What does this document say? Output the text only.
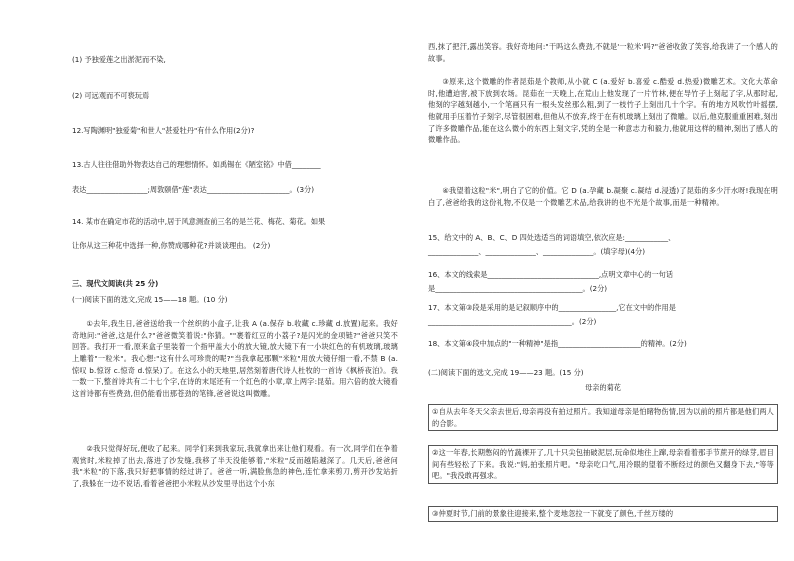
(1) 予独爱莲之出淤泥而不染,
(2) 可远观而不可亵玩焉
12.写陶渊明"独爱菊"和世人"甚爱牡丹"有什么作用(2分)?
13.古人往往借助外物表达自己的理想情怀。如禹锡在《陋室铭》中借________
表达_________________;周敦颐借"莲"表达_______________________。(3分)
14. 某市在确定市花的活动中,居于风意测查前三名的是兰花、梅花、菊花。如果
让你从这三种花中选择一种,你赞成哪种花?并谈谈理由。 (2分)
三、现代文阅读(共 25 分)
(一)阅读下面的选文,完成 15——18 题。(10 分)
①去年,我生日,爸爸送给我一个丝织的小盒子,让我 A (a.保存 b.收藏 c.珍藏 d.放置)起来。我好奇地问:"爸爸,这是什么?"爸爸微笑着说:"你猜。""裹着红豆的小荔子?是闪光的金项链?"爸爸只笑不回答。我打开一看,原来盒子里装着一个指甲盖大小的放大镜,放大镜下有一小块红色的有机玻璃,玻璃上雕着"一粒米"。我心想:"这有什么可珍贵的呢?"当我拿起那颗"米粒"用放大镜仔细一看,不禁 B (a.惊叹 b.惊讶 c.惊奇 d.惊呆)了。在这么小的天地里,居然刻着唐代诗人杜牧的一首诗《枫桥夜泊》。我一数一下,整首诗共有二十七个字,在诗的末尾还有一个红色的小章,章上两字:昆茹。用六倍的放大镜看这首诗都有些费劲,但仍能看出那苍劲的笔锋,爸爸说这叫微雕。
②我只觉得好玩,便收了起来。同学们来到我家玩,我就拿出来让他们观看。有一次,同学们在争着观赏时,米粒掉了出去,落进了沙发缝,我移了半天没能够着,"米粒"反而越陷越深了。几天后,爸爸问我"米粒"的下落,我只好把事情的经过讲了。爸爸一听,满脸焦急的神色,连忙拿来剪刀,剪开沙发站折了,我躲在一边不说话,看着爸爸把小米粒从沙发里寻出这个小东
西,抹了把汗,露出笑容。我好奇地问:"干吗这么费劲,不就是'一粒米'吗?"爸爸收敛了笑容,给我讲了一个感人的故事。
③原来,这个微雕的作者昆茹是个教师,从小就 C (a.爱好 b.喜爱 c.酷爱 d.热爱)微雕艺术。文化大革命时,他遭迫害,被下放到农场。昆茹在一天晚上,在荒山上他发现了一片竹林,便在导竹子上刻起了字,从那时起,他刻的字越刻越小,一个笔画只有一根头发丝那么粗,到了一枝竹子上刻出几十个字。有的地方风吹竹叶摇摆,他就用手压着竹子刻字,尽管很困难,但他从不放弃,终于在有机玻璃上刻出了微雕。以后,他克服重重困难,刻出了许多微雕作品,能在这么微小的东西上刻文字,凭的全是一种意志力和毅力,他就用这样的精神,刻出了感人的微雕作品。
④我望着这粒"米",明白了它的价值。它 D (a.孕藏 b.凝聚 c.凝结 d.浸透)了昆茹的多少汗水呀!我现在明白了,爸爸给我的这份礼物,不仅是一个微雕艺术品,给我讲的也不光是个故事,而是一种精神。
15、给文中的 A、B、C、D 四处选适当的词语填空,依次应是:____________、
______________、______________、______________。(填字母)(4分)
16、本文的线索是_______________________________,点明文章中心的一句话
是_________________________________________。(2分)
17、本文第③段是采用的是记叙顺序中的________________,它在文中的作用是
________________________________________。(2分)
18、本文第④段中加点的"一种精神"是指_______________________的精神。(2分)
(二)阅读下面的选文,完成 19——23 题。(15 分)
母亲的菊花
①自从去年冬天父亲去世后,母亲再没有拍过照片。我知道母亲是怕睹物伤情,因为以前的照片都是他们两人的合影。
②这一年春,长期憋闷的竹蔬裸开了,几十只尖包抽破泥层,玩命似地往上蹿,母亲看着那手节蔗开的绿芽,眉目间有些轻松了下来。我说:"妈,拍张照片吧。"母亲吃口气,用冷眼的望着不断经过的颜色又翻身下去,"等等吧。"我没敢再强求。
③仲夏时节,门前的景象往迎接来,整个麦地忽拉一下就变了颜色,千丝万缕的
